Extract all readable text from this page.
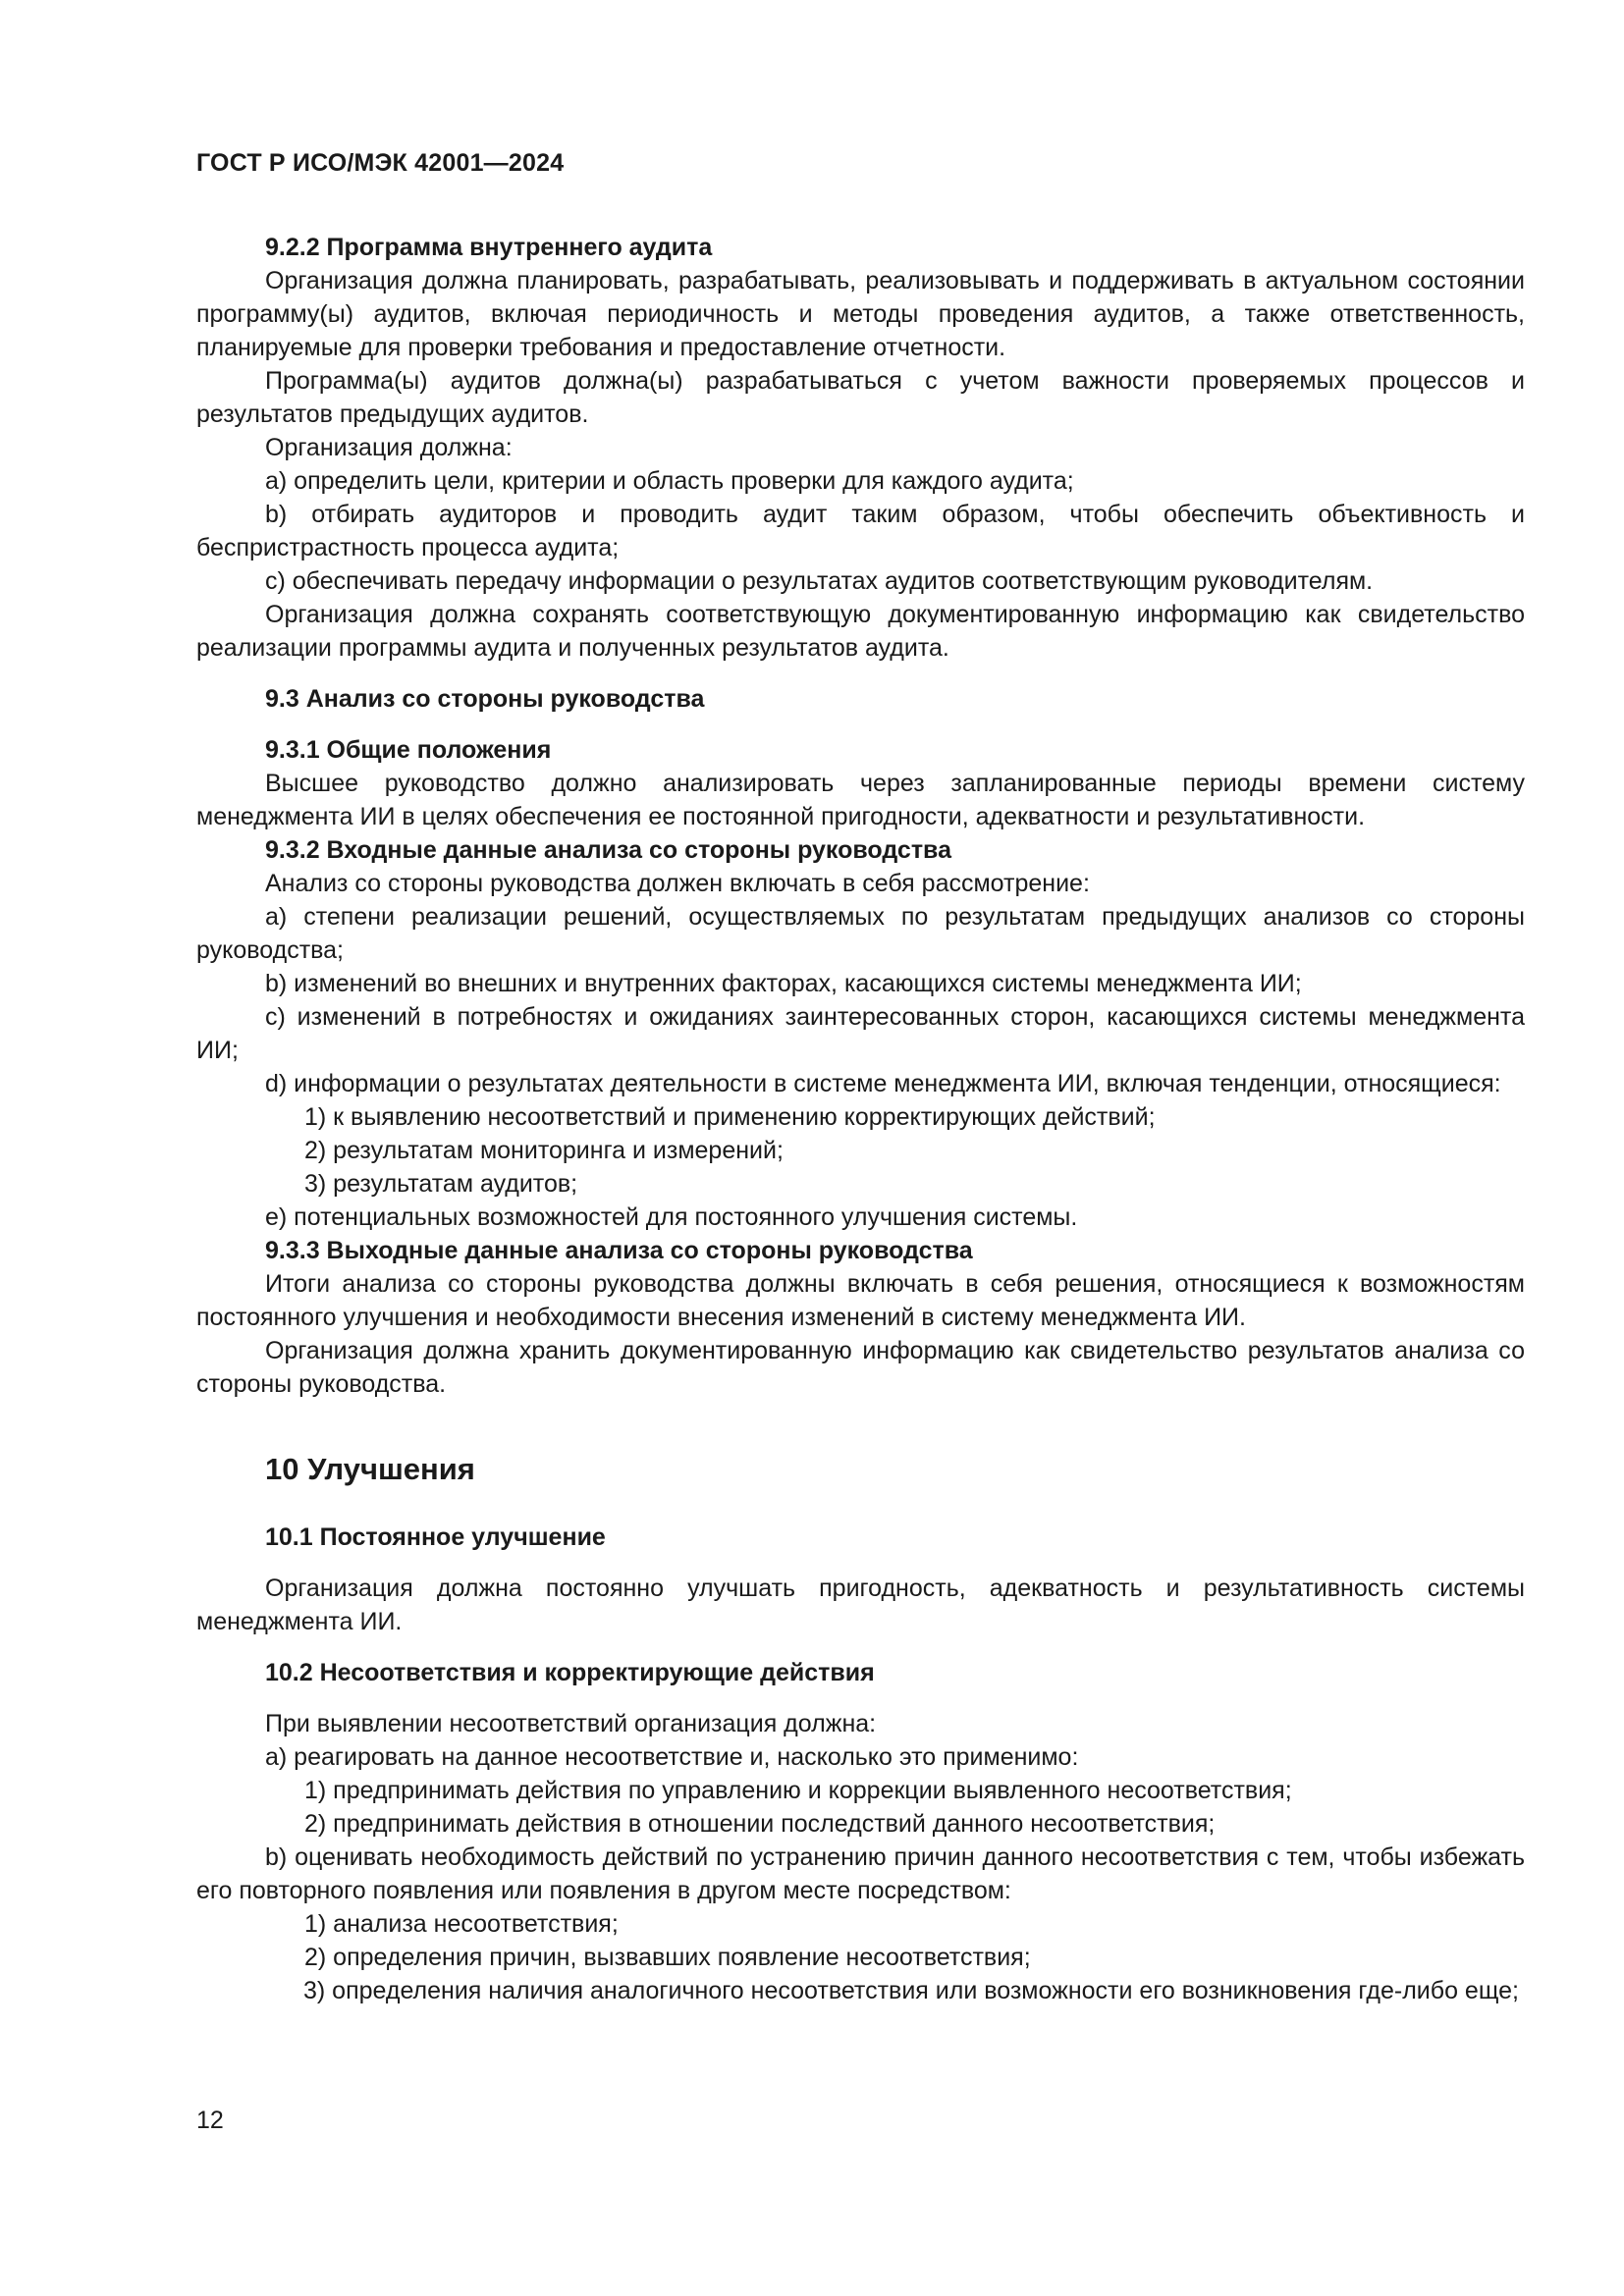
ГОСТ Р ИСО/МЭК 42001—2024
9.2.2 Программа внутреннего аудита

Организация должна планировать, разрабатывать, реализовывать и поддерживать в актуальном состоянии программу(ы) аудитов, включая периодичность и методы проведения аудитов, а также ответственность, планируемые для проверки требования и предоставление отчетности.

Программа(ы) аудитов должна(ы) разрабатываться с учетом важности проверяемых процессов и результатов предыдущих аудитов.

Организация должна:

a) определить цели, критерии и область проверки для каждого аудита;

b) отбирать аудиторов и проводить аудит таким образом, чтобы обеспечить объективность и беспристрастность процесса аудита;

c) обеспечивать передачу информации о результатах аудитов соответствующим руководителям.

Организация должна сохранять соответствующую документированную информацию как свидетельство реализации программы аудита и полученных результатов аудита.

9.3 Анализ со стороны руководства
9.3.1 Общие положения

Высшее руководство должно анализировать через запланированные периоды времени систему менеджмента ИИ в целях обеспечения ее постоянной пригодности, адекватности и результативности.

9.3.2 Входные данные анализа со стороны руководства

Анализ со стороны руководства должен включать в себя рассмотрение:

a) степени реализации решений, осуществляемых по результатам предыдущих анализов со стороны руководства;

b) изменений во внешних и внутренних факторах, касающихся системы менеджмента ИИ;

c) изменений в потребностях и ожиданиях заинтересованных сторон, касающихся системы менеджмента ИИ;

d) информации о результатах деятельности в системе менеджмента ИИ, включая тенденции, относящиеся:

1) к выявлению несоответствий и применению корректирующих действий;

2) результатам мониторинга и измерений;

3) результатам аудитов;

e) потенциальных возможностей для постоянного улучшения системы.

9.3.3 Выходные данные анализа со стороны руководства

Итоги анализа со стороны руководства должны включать в себя решения, относящиеся к возможностям постоянного улучшения и необходимости внесения изменений в систему менеджмента ИИ.

Организация должна хранить документированную информацию как свидетельство результатов анализа со стороны руководства.

10 Улучшения
10.1 Постоянное улучшение

Организация должна постоянно улучшать пригодность, адекватность и результативность системы менеджмента ИИ.

10.2 Несоответствия и корректирующие действия

При выявлении несоответствий организация должна:

a) реагировать на данное несоответствие и, насколько это применимо:

1) предпринимать действия по управлению и коррекции выявленного несоответствия;

2) предпринимать действия в отношении последствий данного несоответствия;

b) оценивать необходимость действий по устранению причин данного несоответствия с тем, чтобы избежать его повторного появления или появления в другом месте посредством:

1) анализа несоответствия;

2) определения причин, вызвавших появление несоответствия;

3) определения наличия аналогичного несоответствия или возможности его возникновения где-либо еще;

12
